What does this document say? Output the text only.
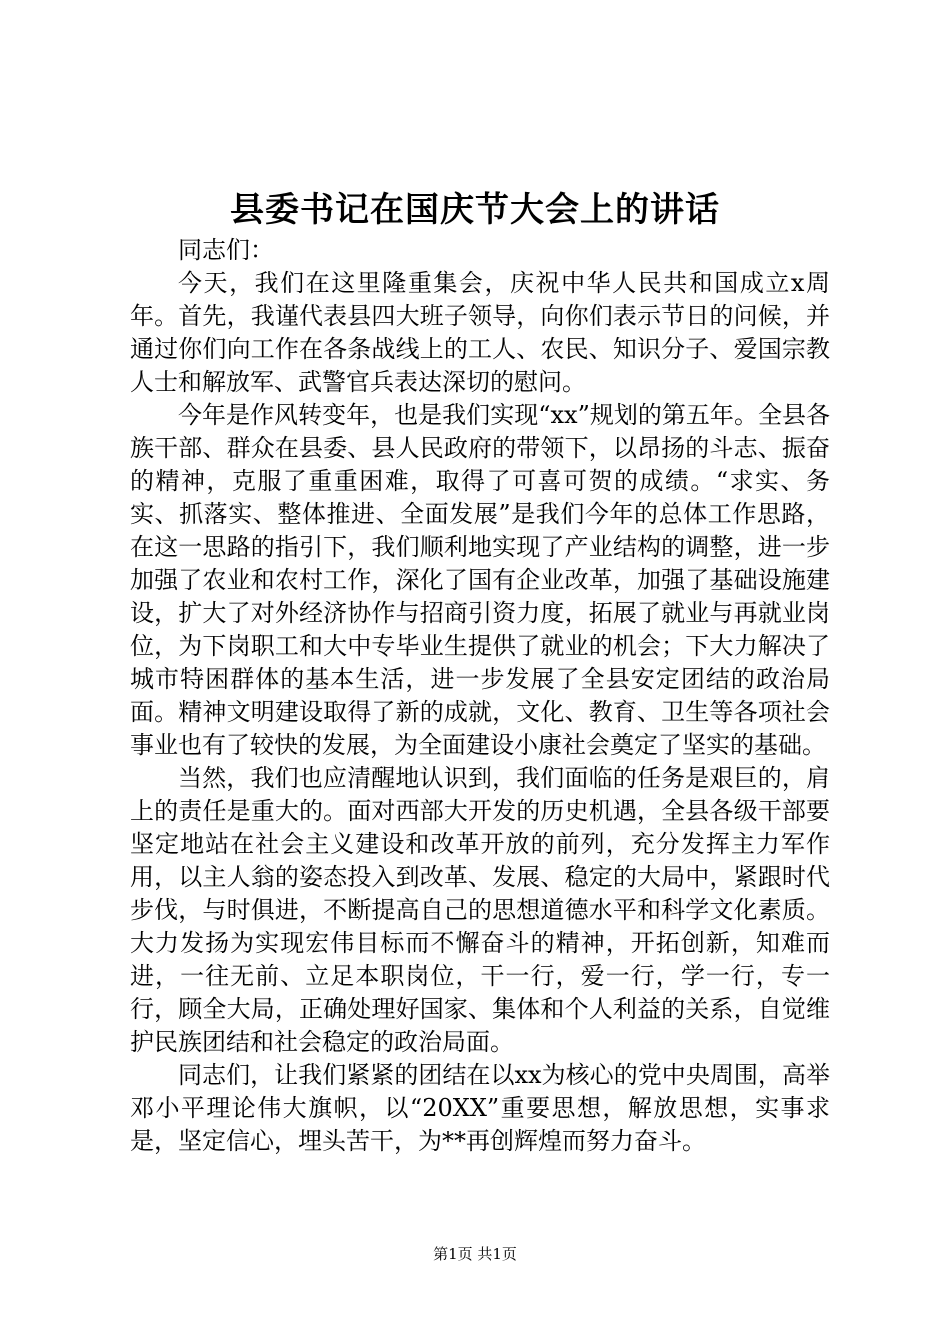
县委书记在国庆节大会上的讲话

同志们：

今天，我们在这里隆重集会，庆祝中华人民共和国成立x周年。首先，我谨代表县四大班子领导，向你们表示节日的问候，并通过你们向工作在各条战线上的工人、农民、知识分子、爱国宗教人士和解放军、武警官兵表达深切的慰问。

今年是作风转变年，也是我们实现“xx”规划的第五年。全县各族干部、群众在县委、县人民政府的带领下，以昂扬的斗志、振奋的精神，克服了重重困难，取得了可喜可贺的成绩。“求实、务实、抓落实、整体推进、全面发展”是我们今年的总体工作思路，在这一思路的指引下，我们顺利地实现了产业结构的调整，进一步加强了农业和农村工作，深化了国有企业改革，加强了基础设施建设，扩大了对外经济协作与招商引资力度，拓展了就业与再就业岗位，为下岗职工和大中专毕业生提供了就业的机会；下大力解决了城市特困群体的基本生活，进一步发展了全县安定团结的政治局面。精神文明建设取得了新的成就，文化、教育、卫生等各项社会事业也有了较快的发展，为全面建设小康社会奠定了坚实的基础。

当然，我们也应清醒地认识到，我们面临的任务是艰巨的，肩上的责任是重大的。面对西部大开发的历史机遇，全县各级干部要坚定地站在社会主义建设和改革开放的前列，充分发挥主力军作用，以主人翁的姿态投入到改革、发展、稳定的大局中，紧跟时代步伐，与时俱进，不断提高自己的思想道德水平和科学文化素质。大力发扬为实现宏伟目标而不懈奋斗的精神，开拓创新，知难而进，一往无前、立足本职岗位，干一行，爱一行，学一行，专一行，顾全大局，正确处理好国家、集体和个人利益的关系，自觉维护民族团结和社会稳定的政治局面。

同志们，让我们紧紧的团结在以xx为核心的党中央周围，高举邓小平理论伟大旗帜，以“20XX”重要思想，解放思想，实事求是，坚定信心，埋头苦干，为**再创辉煌而努力奋斗。

第1页 共1页
